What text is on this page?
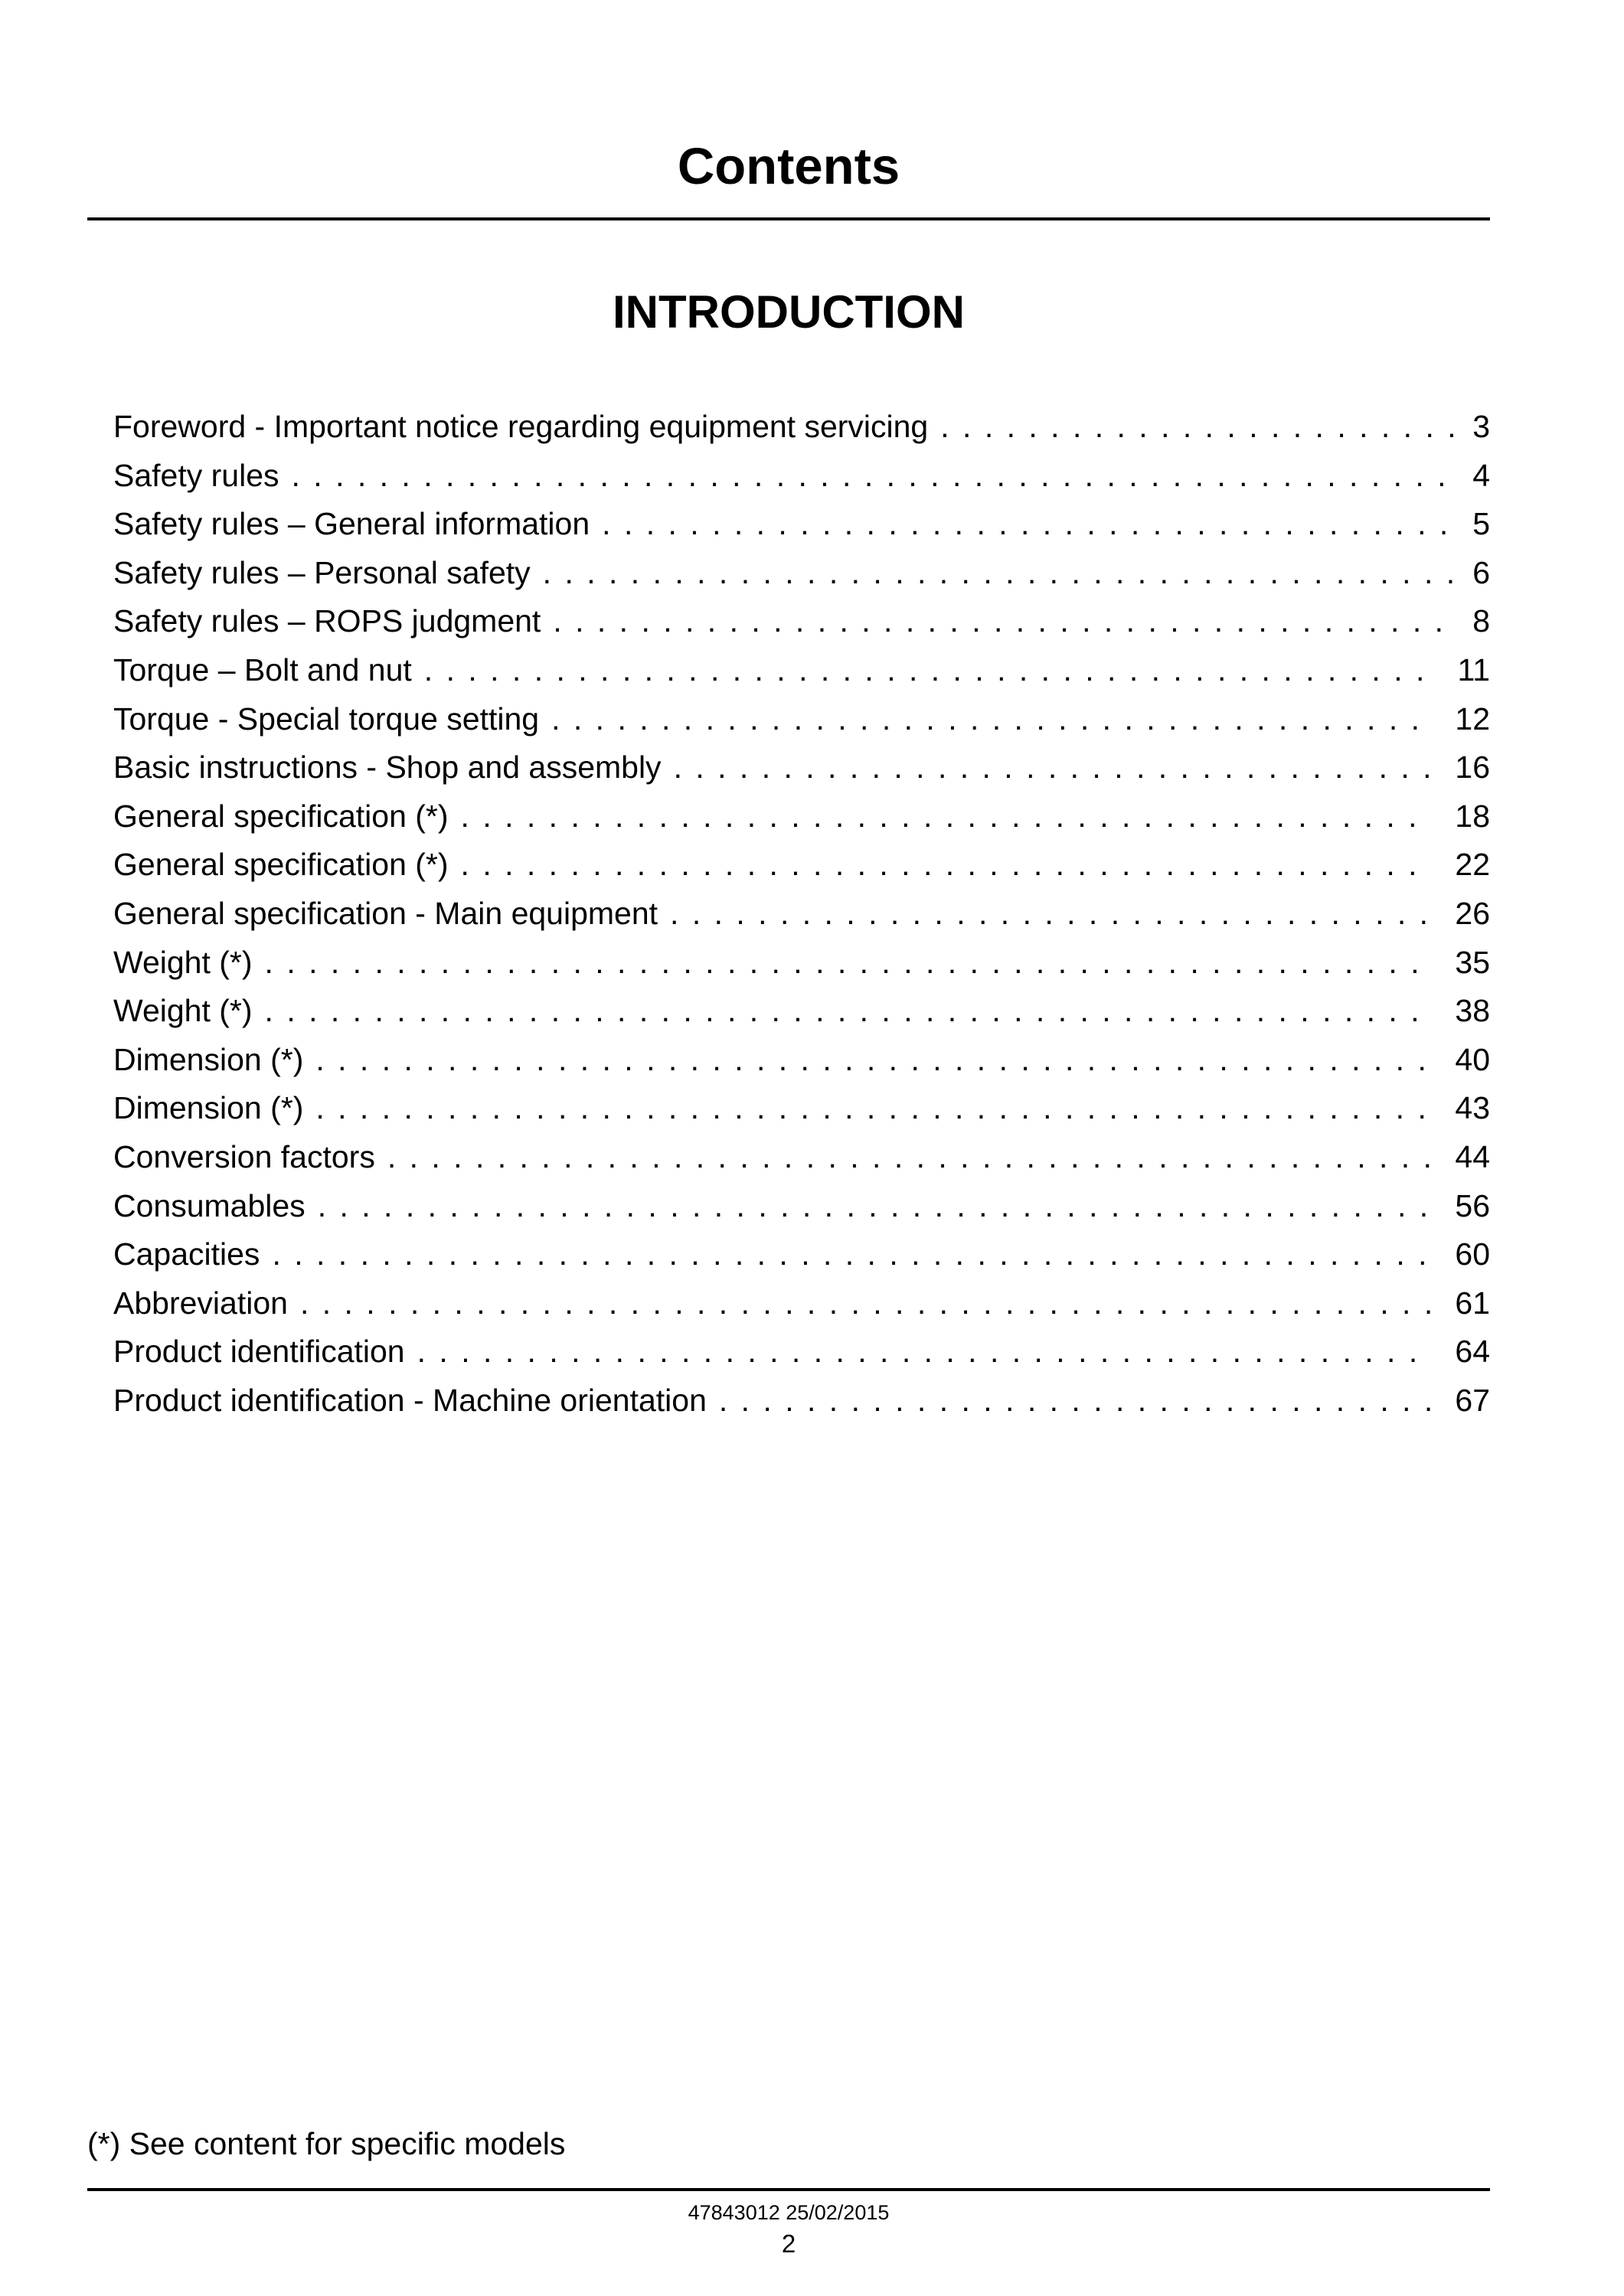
Contents
INTRODUCTION
Foreword - Important notice regarding equipment servicing . . .	3
Safety rules . . .	4
Safety rules – General information . . .	5
Safety rules – Personal safety . . .	6
Safety rules – ROPS judgment . . .	8
Torque – Bolt and nut . . .	11
Torque - Special torque setting . . .	12
Basic instructions - Shop and assembly . . .	16
General specification (*) . . .	18
General specification (*) . . .	22
General specification - Main equipment . . .	26
Weight (*) . . .	35
Weight (*) . . .	38
Dimension (*) . . .	40
Dimension (*) . . .	43
Conversion factors . . .	44
Consumables . . .	56
Capacities . . .	60
Abbreviation . . .	61
Product identification . . .	64
Product identification - Machine orientation . . .	67
(*) See content for specific models
47843012 25/02/2015
2
